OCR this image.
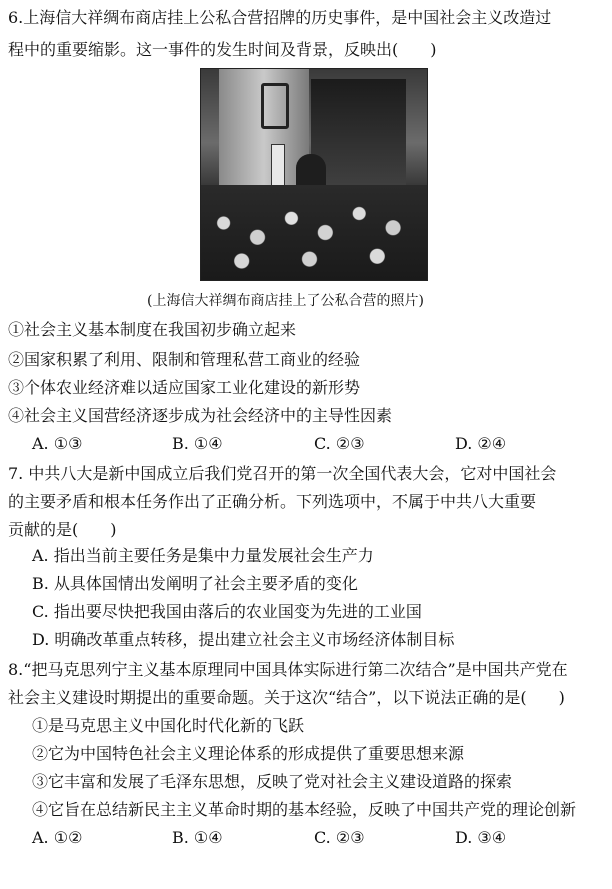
6.上海信大祥绸布商店挂上公私合营招牌的历史事件，是中国社会主义改造过
程中的重要缩影。这一事件的发生时间及背景，反映出(　　)
(上海信大祥绸布商店挂上了公私合营的照片)
①社会主义基本制度在我国初步确立起来
②国家积累了利用、限制和管理私营工商业的经验
③个体农业经济难以适应国家工业化建设的新形势
④社会主义国营经济逐步成为社会经济中的主导性因素
A. ①③	B. ①④	C. ②③	D. ②④
7. 中共八大是新中国成立后我们党召开的第一次全国代表大会，它对中国社会
的主要矛盾和根本任务作出了正确分析。下列选项中，不属于中共八大重要
贡献的是(　　)
A. 指出当前主要任务是集中力量发展社会生产力
B. 从具体国情出发阐明了社会主要矛盾的变化
C. 指出要尽快把我国由落后的农业国变为先进的工业国
D. 明确改革重点转移，提出建立社会主义市场经济体制目标
8.“把马克思列宁主义基本原理同中国具体实际进行第二次结合”是中国共产党在
社会主义建设时期提出的重要命题。关于这次“结合”，以下说法正确的是(　　)
①是马克思主义中国化时代化新的飞跃
②它为中国特色社会主义理论体系的形成提供了重要思想来源
③它丰富和发展了毛泽东思想，反映了党对社会主义建设道路的探索
④它旨在总结新民主主义革命时期的基本经验，反映了中国共产党的理论创新
A. ①②	B. ①④	C. ②③	D. ③④
